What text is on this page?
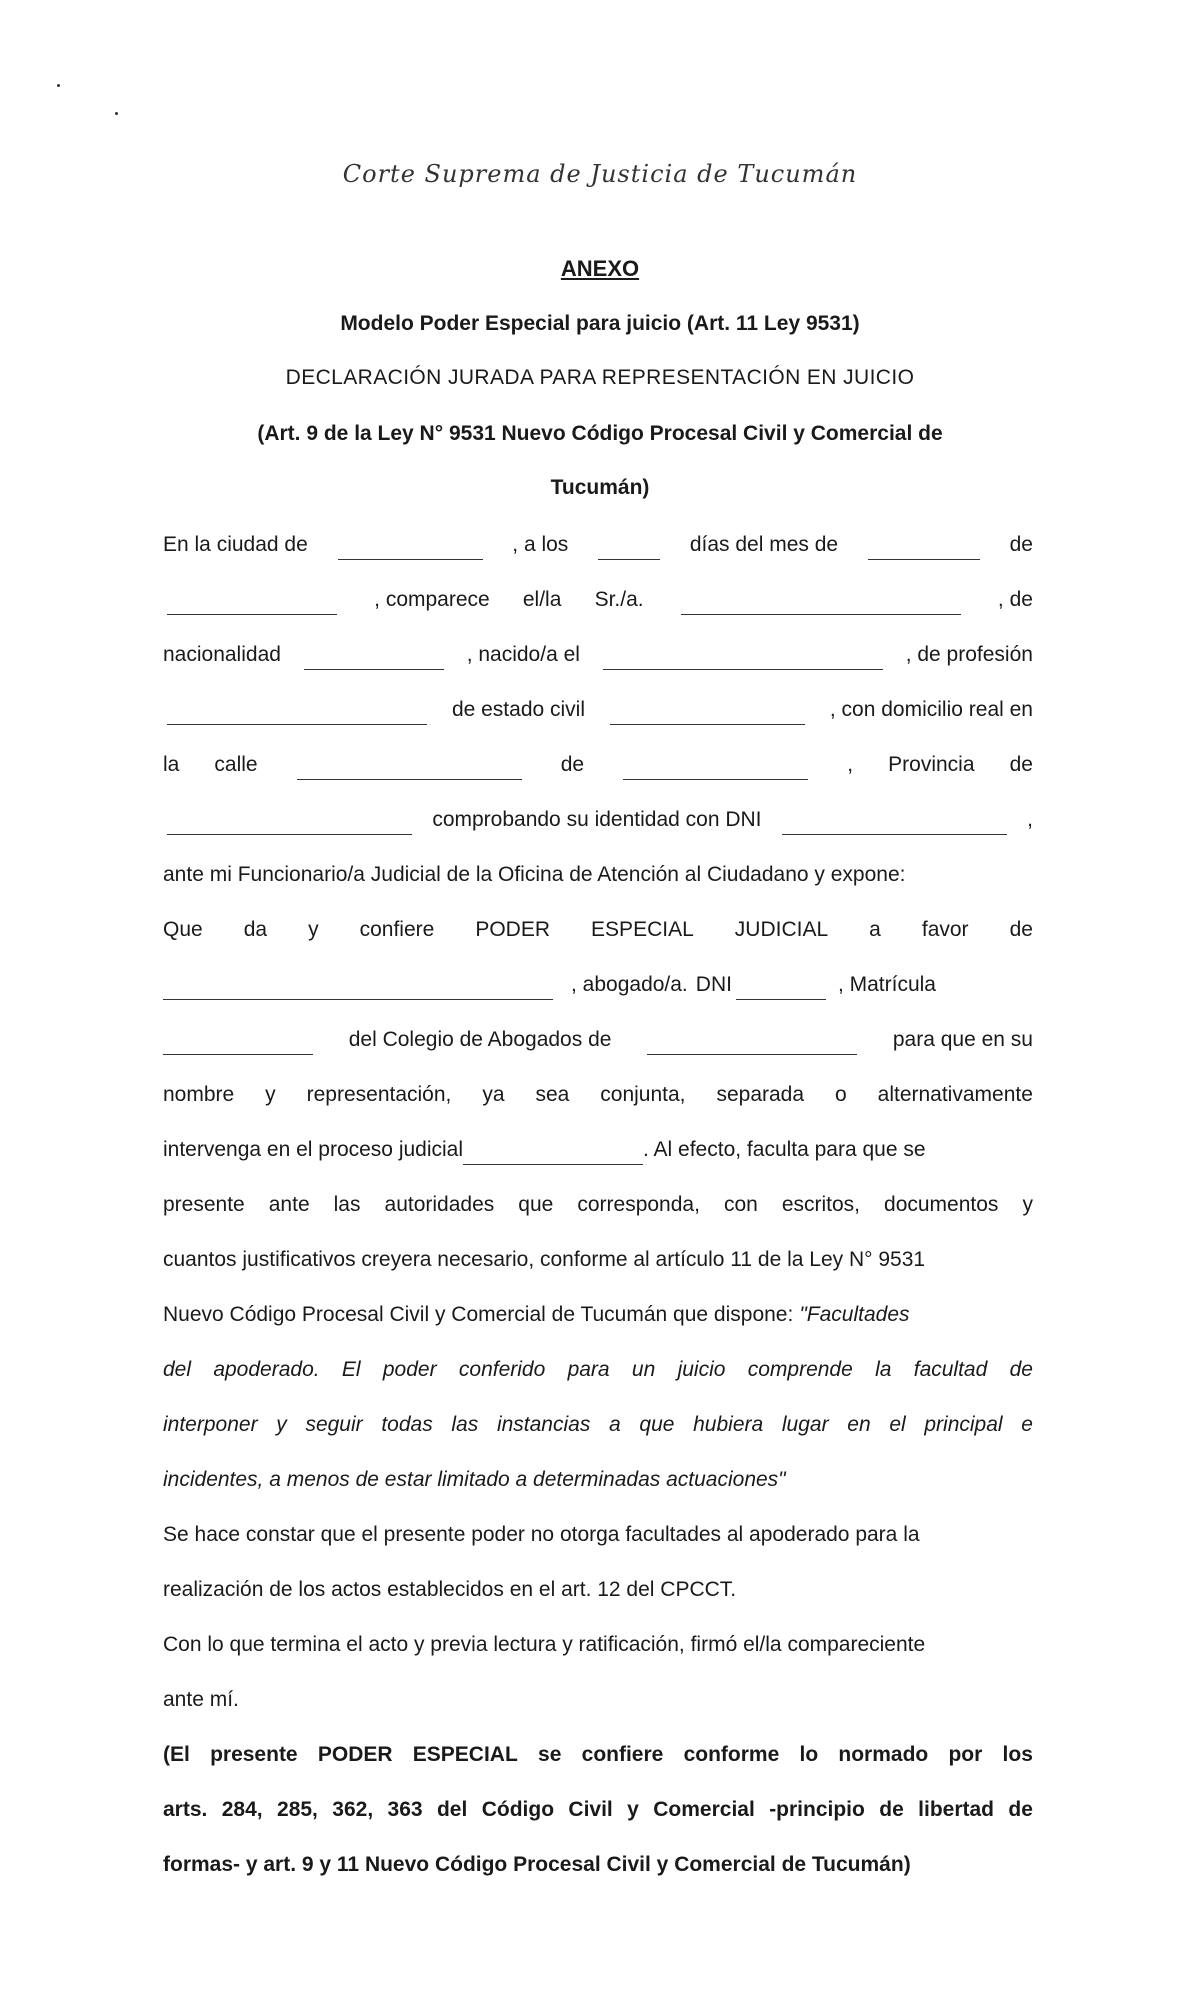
Corte Suprema de Justicia de Tucumán
ANEXO
Modelo Poder Especial para juicio (Art. 11 Ley 9531)
DECLARACIÓN JURADA PARA REPRESENTACIÓN EN JUICIO
(Art. 9 de la Ley N° 9531 Nuevo Código Procesal Civil y Comercial de
Tucumán)
En la ciudad de	, a los	días del mes de	de
, comparece el/la Sr./a.	, de
nacionalidad	, nacido/a el	, de profesión
de estado civil	, con domicilio real en
la calle	de	, Provincia de
comprobando su identidad con DNI	,
ante mi Funcionario/a Judicial de la Oficina de Atención al Ciudadano y expone:
Que da y confiere PODER ESPECIAL JUDICIAL a favor de
, abogado/a. DNI	, Matrícula
del Colegio de Abogados de	para que en su
nombre y representación, ya sea conjunta, separada o alternativamente
intervenga en el proceso judicial	. Al efecto, faculta para que se
presente ante las autoridades que corresponda, con escritos, documentos y
cuantos justificativos creyera necesario, conforme al artículo 11 de la Ley N° 9531
Nuevo Código Procesal Civil y Comercial de Tucumán que dispone: "Facultades
del apoderado. El poder conferido para un juicio comprende la facultad de
interponer y seguir todas las instancias a que hubiera lugar en el principal e
incidentes, a menos de estar limitado a determinadas actuaciones"
Se hace constar que el presente poder no otorga facultades al apoderado para la
realización de los actos establecidos en el art. 12 del CPCCT.
Con lo que termina el acto y previa lectura y ratificación, firmó el/la compareciente
ante mí.
(El presente PODER ESPECIAL se confiere conforme lo normado por los
arts. 284, 285, 362, 363 del Código Civil y Comercial -principio de libertad de
formas- y art. 9 y 11 Nuevo Código Procesal Civil y Comercial de Tucumán)
